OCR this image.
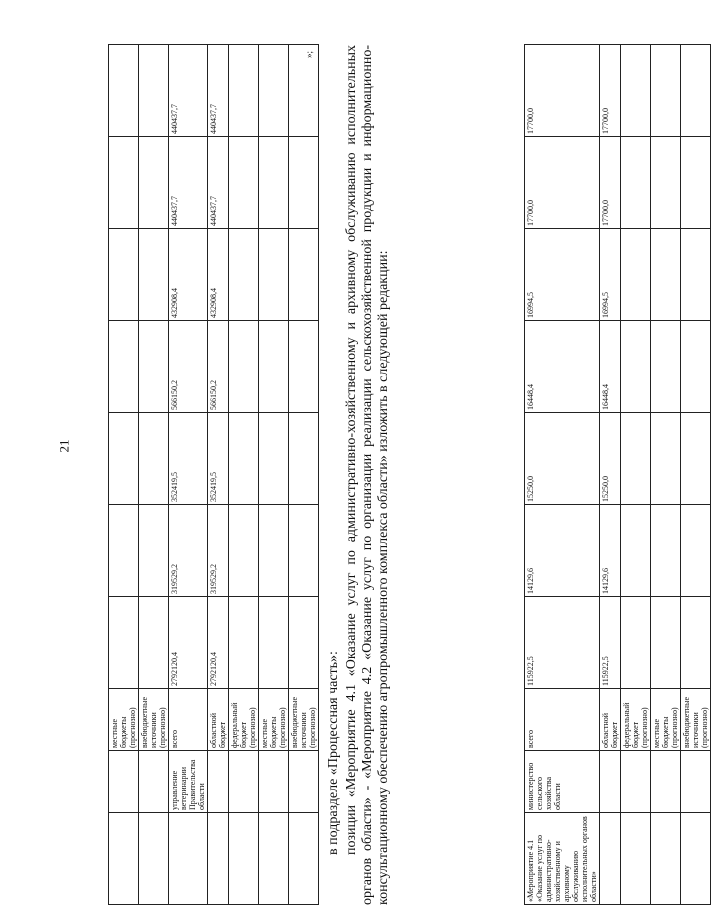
21
		местные бюджеты (прогнозно)							
		внебюджетные источники (прогнозно)							
	управление ветеринарии Правительства области	всего	2792120,4	319529,2	352419,5	566150,2	432908,4	440437,7	440437,7
		областной бюджет	2792120,4	319529,2	352419,5	566150,2	432908,4	440437,7	440437,7
		федеральный бюджет (прогнозно)							
		местные бюджеты (прогнозно)							
		внебюджетные источники (прогнозно)							
»;

в подразделе «Процессная часть»: позиции «Мероприятие 4.1 «Оказание услуг по административно-хозяйственному и архивному обслуживанию исполнительных органов области» - «Мероприятие 4.2 «Оказание услуг по организации реализации сельскохозяйственной продукции и информационно-консультационному обеспечению агропромышленного комплекса области» изложить в следующей редакции:	«Мероприятие 4.1 «Оказание услуг по административно-хозяйственному и архивному обслуживанию исполнительных органов области»	министерство сельского хозяйства области	всего	115922,5	14129,6	15250,0	16448,4	16994,5	17700,0	17700,0
		областной бюджет	115922,5	14129,6	15250,0	16448,4	16994,5	17700,0	17700,0
		федеральный бюджет (прогнозно)							
		местные бюджеты (прогнозно)							
		внебюджетные источники (прогнозно)							
